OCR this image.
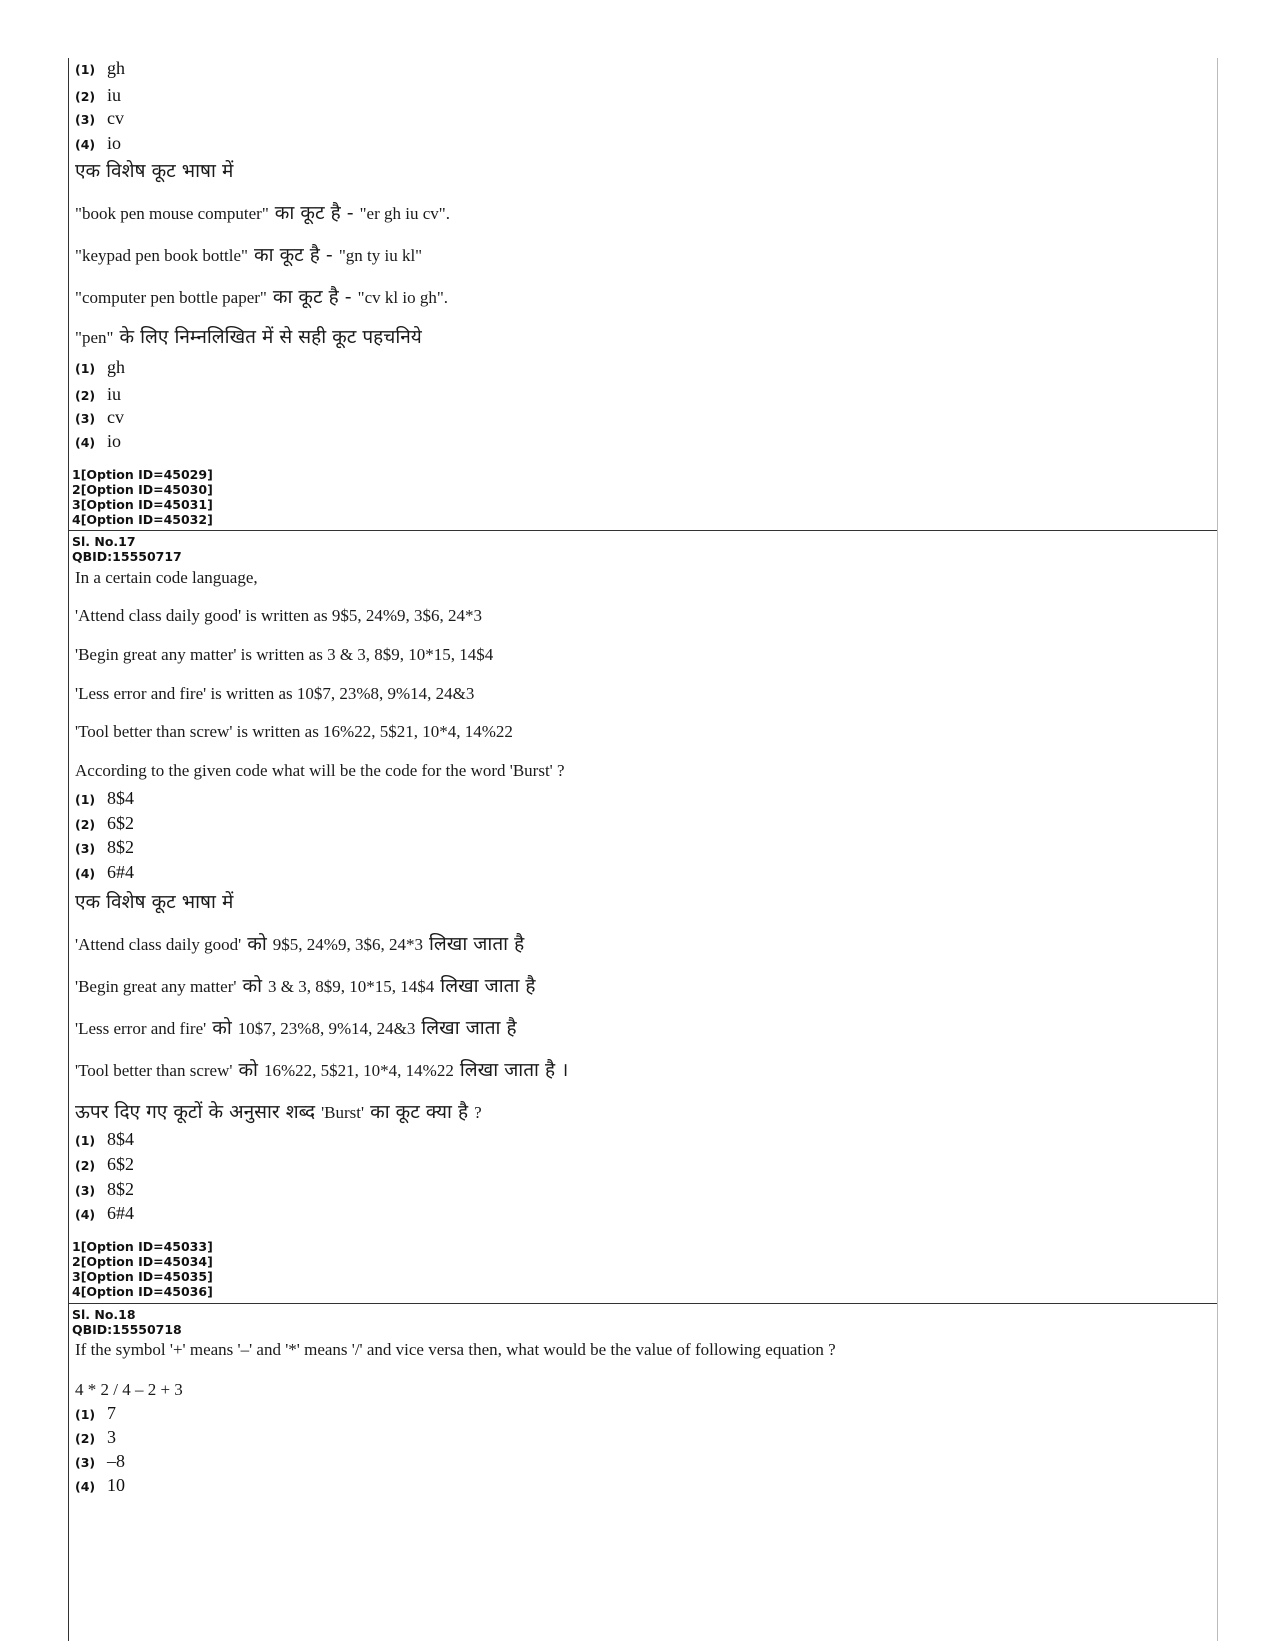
(1) gh
(2) iu
(3) cv
(4) io
एक विशेष कूट भाषा में
"book pen mouse computer" का कूट है - "er gh iu cv".
"keypad pen book bottle" का कूट है - "gn ty iu kl"
"computer pen bottle paper" का कूट है - "cv kl io gh".
"pen" के लिए निम्नलिखित में से सही कूट पहचनिये
(1) gh
(2) iu
(3) cv
(4) io
1[Option ID=45029]
2[Option ID=45030]
3[Option ID=45031]
4[Option ID=45032]
Sl. No.17
QBID:15550717
In a certain code language,
'Attend class daily good' is written as 9$5, 24%9, 3$6, 24*3
'Begin great any matter' is written as 3 & 3, 8$9, 10*15, 14$4
'Less error and fire' is written as 10$7, 23%8, 9%14, 24&3
'Tool better than screw' is written as 16%22, 5$21, 10*4, 14%22
According to the given code what will be the code for the word 'Burst' ?
(1) 8$4
(2) 6$2
(3) 8$2
(4) 6#4
एक विशेष कूट भाषा में
'Attend class daily good' को 9$5, 24%9, 3$6, 24*3 लिखा जाता है
'Begin great any matter' को 3 & 3, 8$9, 10*15, 14$4 लिखा जाता है
'Less error and fire' को 10$7, 23%8, 9%14, 24&3 लिखा जाता है
'Tool better than screw' को 16%22, 5$21, 10*4, 14%22 लिखा जाता है ।
ऊपर दिए गए कूटों के अनुसार शब्द 'Burst' का कूट क्या है ?
(1) 8$4
(2) 6$2
(3) 8$2
(4) 6#4
1[Option ID=45033]
2[Option ID=45034]
3[Option ID=45035]
4[Option ID=45036]
Sl. No.18
QBID:15550718
If the symbol '+' means '–' and '*' means '/' and vice versa then, what would be the value of following equation ?
4 * 2 / 4 – 2 + 3
(1) 7
(2) 3
(3) –8
(4) 10
